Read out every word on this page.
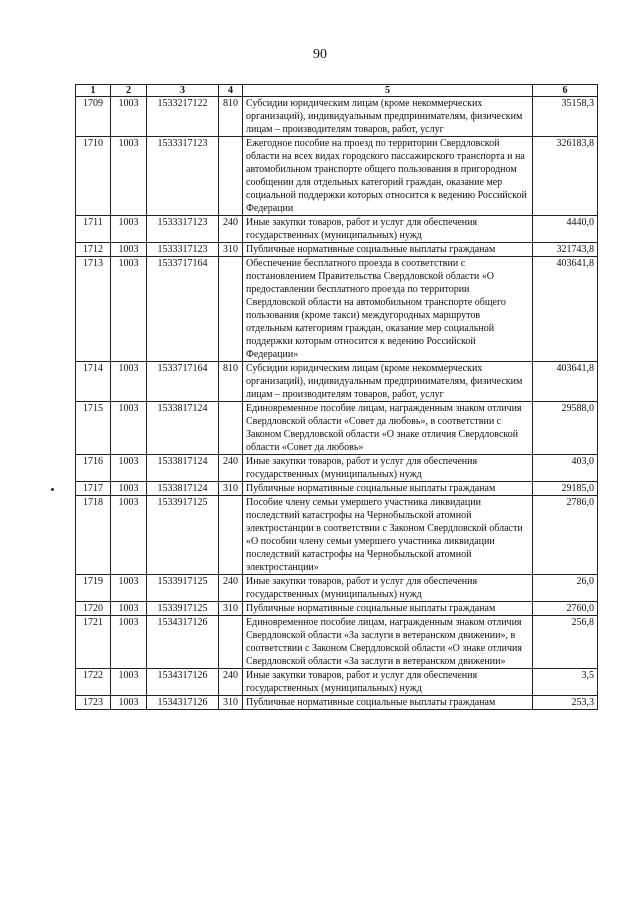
90
1	2	3	4	5	6
1709	1003	1533217122	810	Субсидии юридическим лицам (кроме некоммерческих организаций), индивидуальным предпринимателям, физическим лицам – производителям товаров, работ, услуг	35158,3
1710	1003	1533317123		Ежегодное пособие на проезд по территории Свердловской области на всех видах городского пассажирского транспорта и на автомобильном транспорте общего пользования в пригородном сообщении для отдельных категорий граждан, оказание мер социальной поддержки которых относится к ведению Российской Федерации	326183,8
1711	1003	1533317123	240	Иные закупки товаров, работ и услуг для обеспечения государственных (муниципальных) нужд	4440,0
1712	1003	1533317123	310	Публичные нормативные социальные выплаты гражданам	321743,8
1713	1003	1533717164		Обеспечение бесплатного проезда в соответствии с постановлением Правительства Свердловской области «О предоставлении бесплатного проезда по территории Свердловской области на автомобильном транспорте общего пользования (кроме такси) междугородных маршрутов отдельным категориям граждан, оказание мер социальной поддержки которым относится к ведению Российской Федерации»	403641,8
1714	1003	1533717164	810	Субсидии юридическим лицам (кроме некоммерческих организаций), индивидуальным предпринимателям, физическим лицам – производителям товаров, работ, услуг	403641,8
1715	1003	1533817124		Единовременное пособие лицам, награжденным знаком отличия Свердловской области «Совет да любовь», в соответствии с Законом Свердловской области «О знаке отличия Свердловской области «Совет да любовь»	29588,0
1716	1003	1533817124	240	Иные закупки товаров, работ и услуг для обеспечения государственных (муниципальных) нужд	403,0
1717	1003	1533817124	310	Публичные нормативные социальные выплаты гражданам	29185,0
1718	1003	1533917125		Пособие члену семьи умершего участника ликвидации последствий катастрофы на Чернобыльской атомной электростанции в соответствии с Законом Свердловской области «О пособии члену семьи умершего участника ликвидации последствий катастрофы на Чернобыльской атомной электростанции»	2786,0
1719	1003	1533917125	240	Иные закупки товаров, работ и услуг для обеспечения государственных (муниципальных) нужд	26,0
1720	1003	1533917125	310	Публичные нормативные социальные выплаты гражданам	2760,0
1721	1003	1534317126		Единовременное пособие лицам, награжденным знаком отличия Свердловской области «За заслуги в ветеранском движении», в соответствии с Законом Свердловской области «О знаке отличия Свердловской области «За заслуги в ветеранском движении»	256,8
1722	1003	1534317126	240	Иные закупки товаров, работ и услуг для обеспечения государственных (муниципальных) нужд	3,5
1723	1003	1534317126	310	Публичные нормативные социальные выплаты гражданам	253,3
